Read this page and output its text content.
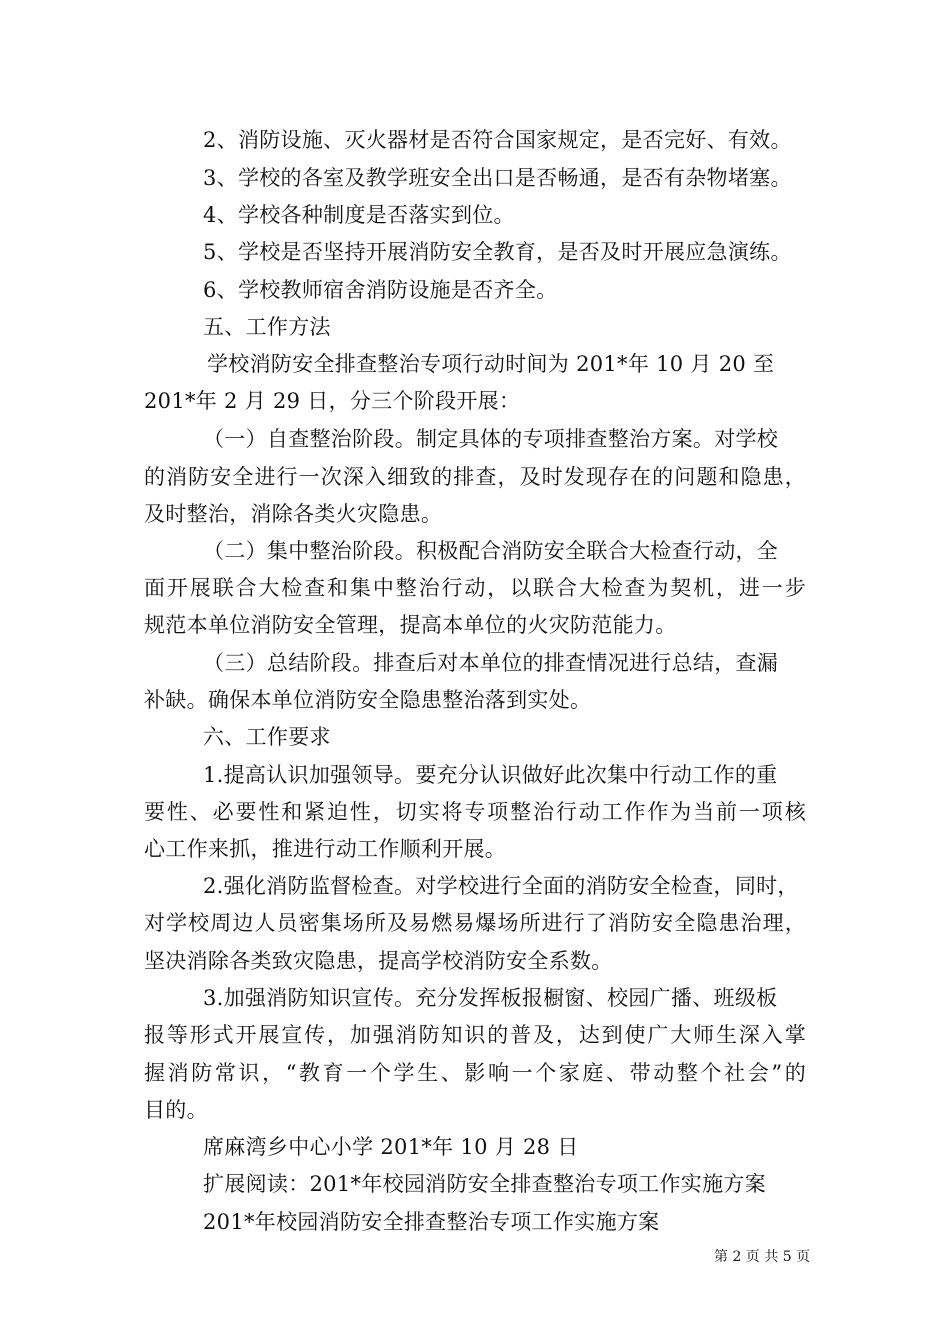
2、消防设施、灭火器材是否符合国家规定，是否完好、有效。
3、学校的各室及教学班安全出口是否畅通，是否有杂物堵塞。
4、学校各种制度是否落实到位。
5、学校是否坚持开展消防安全教育，是否及时开展应急演练。
6、学校教师宿舍消防设施是否齐全。
五、工作方法
学校消防安全排查整治专项行动时间为 201*年 10 月 20 至
201*年 2 月 29 日，分三个阶段开展：
（一）自查整治阶段。制定具体的专项排查整治方案。对学校
的消防安全进行一次深入细致的排查，及时发现存在的问题和隐患，
及时整治，消除各类火灾隐患。
（二）集中整治阶段。积极配合消防安全联合大检查行动，全
面开展联合大检查和集中整治行动，以联合大检查为契机，进一步
规范本单位消防安全管理，提高本单位的火灾防范能力。
（三）总结阶段。排查后对本单位的排查情况进行总结，查漏
补缺。确保本单位消防安全隐患整治落到实处。
六、工作要求
1.提高认识加强领导。要充分认识做好此次集中行动工作的重
要性、必要性和紧迫性，切实将专项整治行动工作作为当前一项核
心工作来抓，推进行动工作顺利开展。
2.强化消防监督检查。对学校进行全面的消防安全检查，同时，
对学校周边人员密集场所及易燃易爆场所进行了消防安全隐患治理，
坚决消除各类致灾隐患，提高学校消防安全系数。
3.加强消防知识宣传。充分发挥板报橱窗、校园广播、班级板
报等形式开展宣传，加强消防知识的普及，达到使广大师生深入掌
握消防常识，“教育一个学生、影响一个家庭、带动整个社会”的
目的。
席麻湾乡中心小学 201*年 10 月 28 日
扩展阅读：201*年校园消防安全排查整治专项工作实施方案
201*年校园消防安全排查整治专项工作实施方案
第 2 页 共 5 页
